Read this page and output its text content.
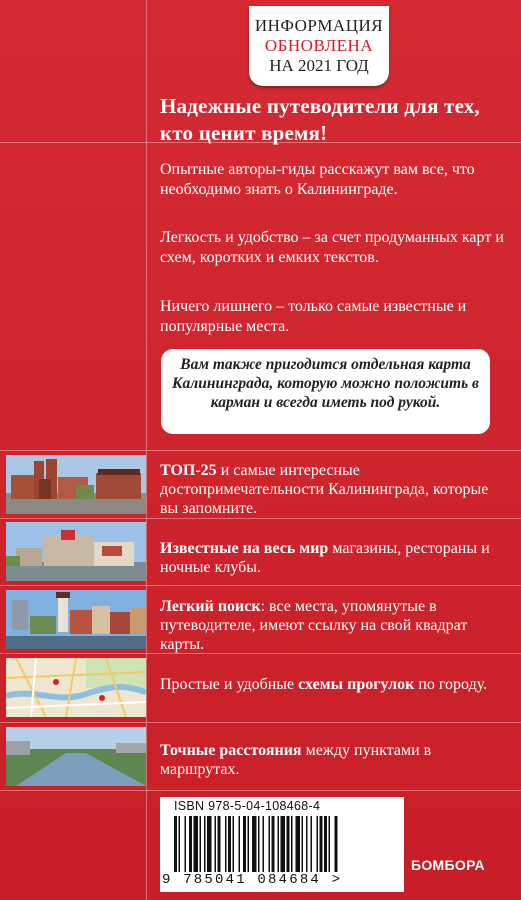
ИНФОРМАЦИЯ
ОБНОВЛЕНА
НА 2021 ГОД
Надежные путеводители для тех, кто ценит время!
Опытные авторы-гиды расскажут вам все, что необходимо знать о Калининграде.
Легкость и удобство – за счет продуманных карт и схем, коротких и емких текстов.
Ничего лишнего – только самые известные и популярные места.
Вам также пригодится отдельная карта Калининграда, которую можно положить в карман и всегда иметь под рукой.
ТОП-25 и самые интересные достопримечательности Калининграда, которые вы запомните.
Известные на весь мир магазины, рестораны и ночные клубы.
Легкий поиск: все места, упомянутые в путеводителе, имеют ссылку на свой квадрат карты.
Простые и удобные схемы прогулок по городу.
Точные расстояния между пунктами в маршрутах.
ISBN 978-5-04-108468-4
9 785041 084684 >
БОМБОРА
